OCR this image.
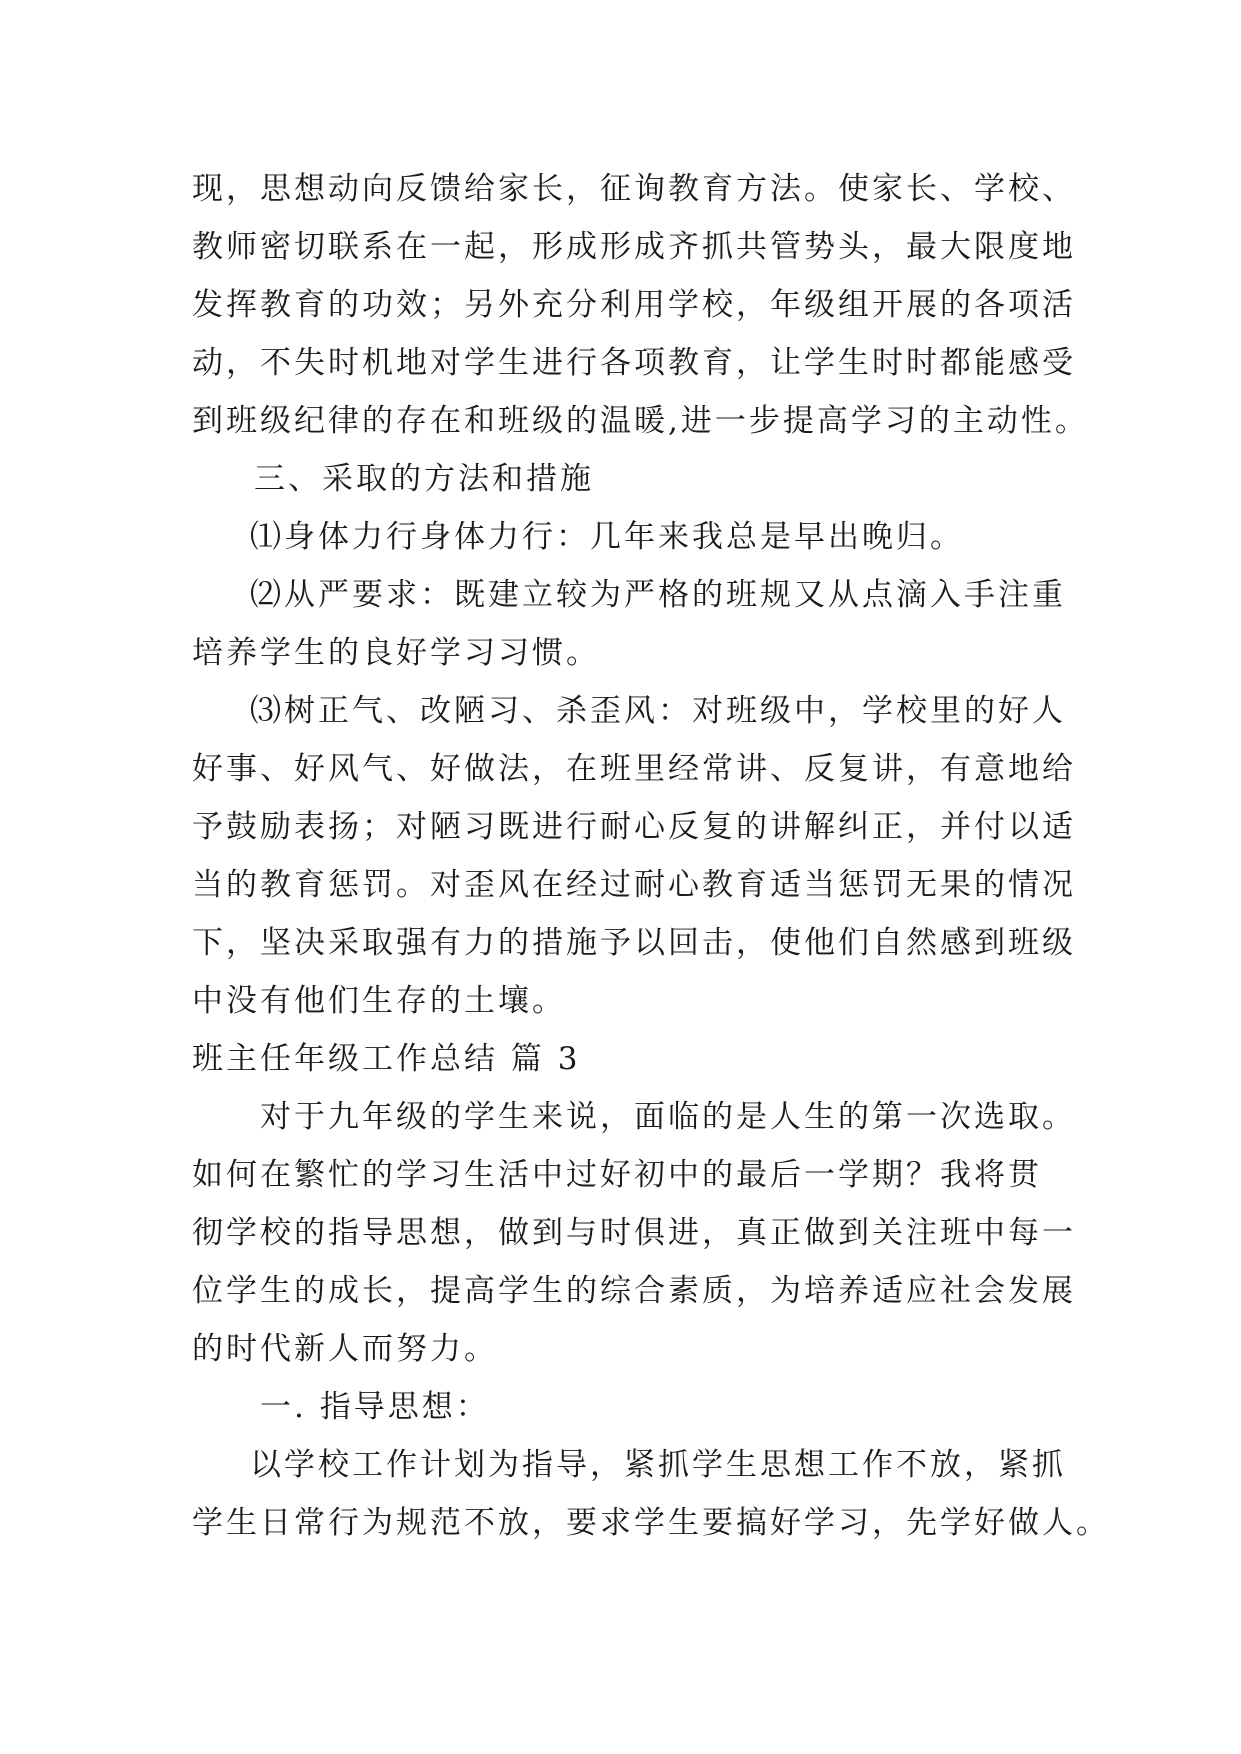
现，思想动向反馈给家长，征询教育方法。使家长、学校、
教师密切联系在一起，形成形成齐抓共管势头，最大限度地
发挥教育的功效；另外充分利用学校，年级组开展的各项活
动，不失时机地对学生进行各项教育，让学生时时都能感受
到班级纪律的存在和班级的温暖,进一步提高学习的主动性。
三、采取的方法和措施
⑴身体力行身体力行：几年来我总是早出晚归。
⑵从严要求：既建立较为严格的班规又从点滴入手注重
培养学生的良好学习习惯。
⑶树正气、改陋习、杀歪风：对班级中，学校里的好人
好事、好风气、好做法，在班里经常讲、反复讲，有意地给
予鼓励表扬；对陋习既进行耐心反复的讲解纠正，并付以适
当的教育惩罚。对歪风在经过耐心教育适当惩罚无果的情况
下，坚决采取强有力的措施予以回击，使他们自然感到班级
中没有他们生存的土壤。
班主任年级工作总结 篇 3
对于九年级的学生来说，面临的是人生的第一次选取。
如何在繁忙的学习生活中过好初中的最后一学期？我将贯
彻学校的指导思想，做到与时俱进，真正做到关注班中每一
位学生的成长，提高学生的综合素质，为培养适应社会发展
的时代新人而努力。
一. 指导思想：
以学校工作计划为指导，紧抓学生思想工作不放，紧抓
学生日常行为规范不放，要求学生要搞好学习，先学好做人。
